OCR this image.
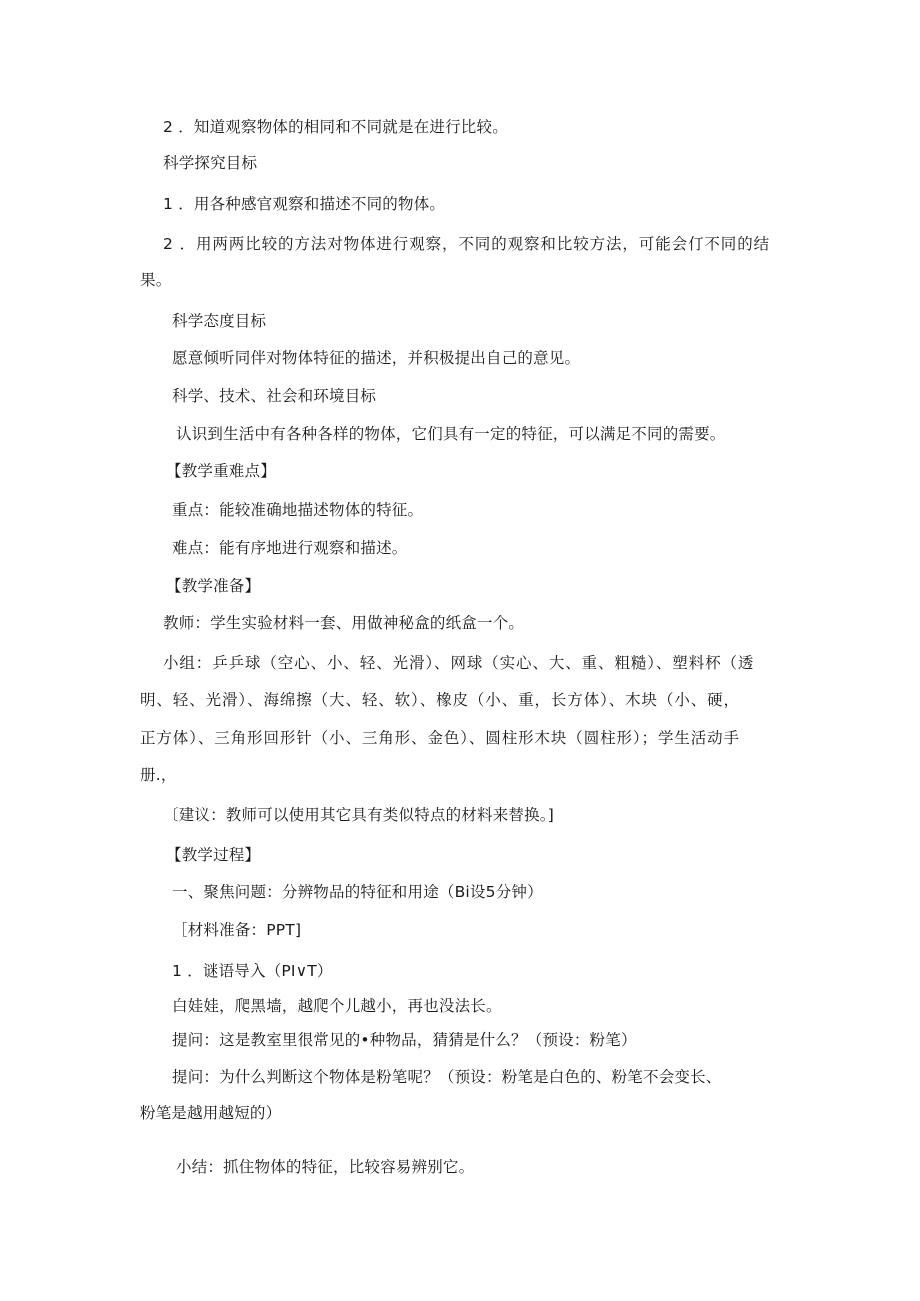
2 ．知道观察物体的相同和不同就是在进行比较。
科学探究目标
1 ．用各种感官观察和描述不同的物体。
2 ．用两两比较的方法对物体进行观察，不同的观察和比较方法，可能会仃不同的结
果。
科学态度目标
愿意倾听同伴对物体特征的描述，并积极提出自己的意见。
科学、技术、社会和环境目标
认识到生活中有各种各样的物体，它们具有一定的特征，可以满足不同的需要。
【教学重难点】
重点：能较准确地描述物体的特征。
难点：能有序地进行观察和描述。
【教学准备】
教师：学生实验材料一套、用做神秘盒的纸盒一个。
小组：乒乒球（空心、小、轻、光滑）、网球（实心、大、重、粗糙）、塑料杯（透
明、轻、光滑）、海绵擦（大、轻、软）、橡皮（小、重，长方体）、木块（小、硬，
正方体）、三角形回形针（小、三角形、金色）、圆柱形木块（圆柱形）；学生活动手
册.，
〔建议：教师可以使用其它具有类似特点的材料来替换。]
【教学过程】
一、聚焦问题：分辨物品的特征和用途（Bi设5分钟）
［材料准备：PPT]
1 ．谜语导入（PI∨T）
白娃娃，爬黑墙，越爬个儿越小，再也没法长。
提问：这是教室里很常见的•种物品，猜猜是什么？（预设：粉笔）
提问：为什么判断这个物体是粉笔呢？（预设：粉笔是白色的、粉笔不会变长、
粉笔是越用越短的）
小结：抓住物体的特征，比较容易辨别它。
